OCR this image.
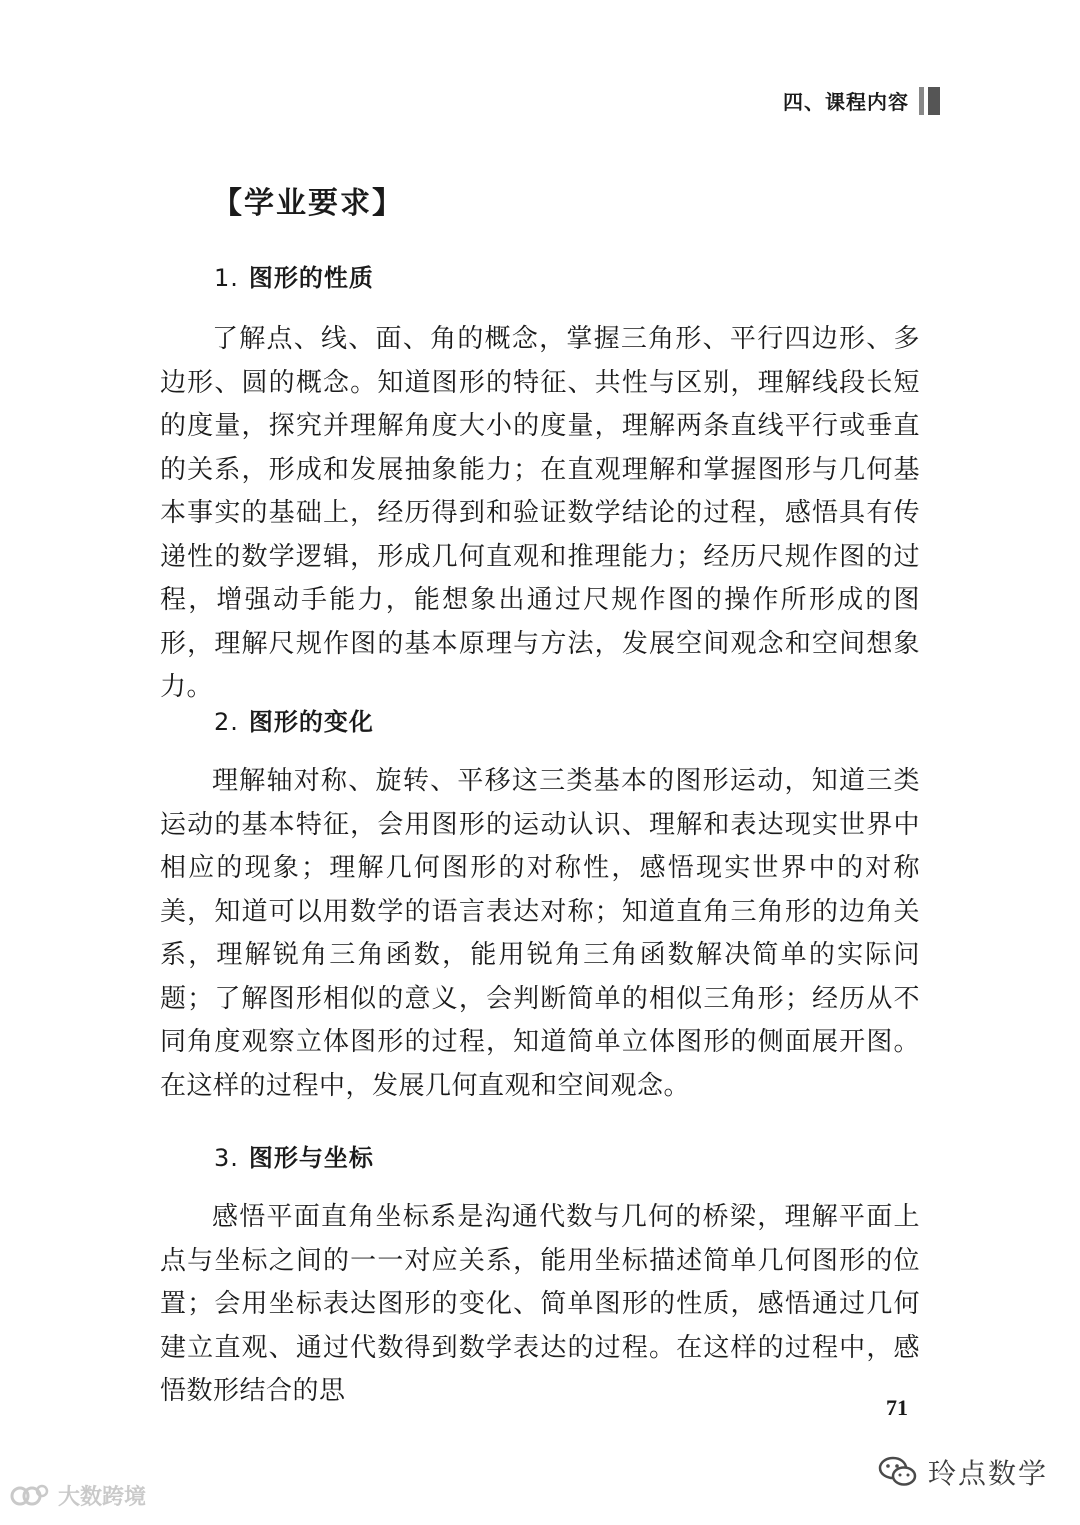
四、课程内容
【学业要求】
1. 图形的性质

了解点、线、面、角的概念，掌握三角形、平行四边形、多边形、圆的概念。知道图形的特征、共性与区别，理解线段长短的度量，探究并理解角度大小的度量，理解两条直线平行或垂直的关系，形成和发展抽象能力；在直观理解和掌握图形与几何基本事实的基础上，经历得到和验证数学结论的过程，感悟具有传递性的数学逻辑，形成几何直观和推理能力；经历尺规作图的过程，增强动手能力，能想象出通过尺规作图的操作所形成的图形，理解尺规作图的基本原理与方法，发展空间观念和空间想象力。

2. 图形的变化

理解轴对称、旋转、平移这三类基本的图形运动，知道三类运动的基本特征，会用图形的运动认识、理解和表达现实世界中相应的现象；理解几何图形的对称性，感悟现实世界中的对称美，知道可以用数学的语言表达对称；知道直角三角形的边角关系，理解锐角三角函数，能用锐角三角函数解决简单的实际问题；了解图形相似的意义，会判断简单的相似三角形；经历从不同角度观察立体图形的过程，知道简单立体图形的侧面展开图。在这样的过程中，发展几何直观和空间观念。

3. 图形与坐标

感悟平面直角坐标系是沟通代数与几何的桥梁，理解平面上点与坐标之间的一一对应关系，能用坐标描述简单几何图形的位置；会用坐标表达图形的变化、简单图形的性质，感悟通过几何建立直观、通过代数得到数学表达的过程。在这样的过程中，感悟数形结合的思

71
大数跨境
玲点数学
